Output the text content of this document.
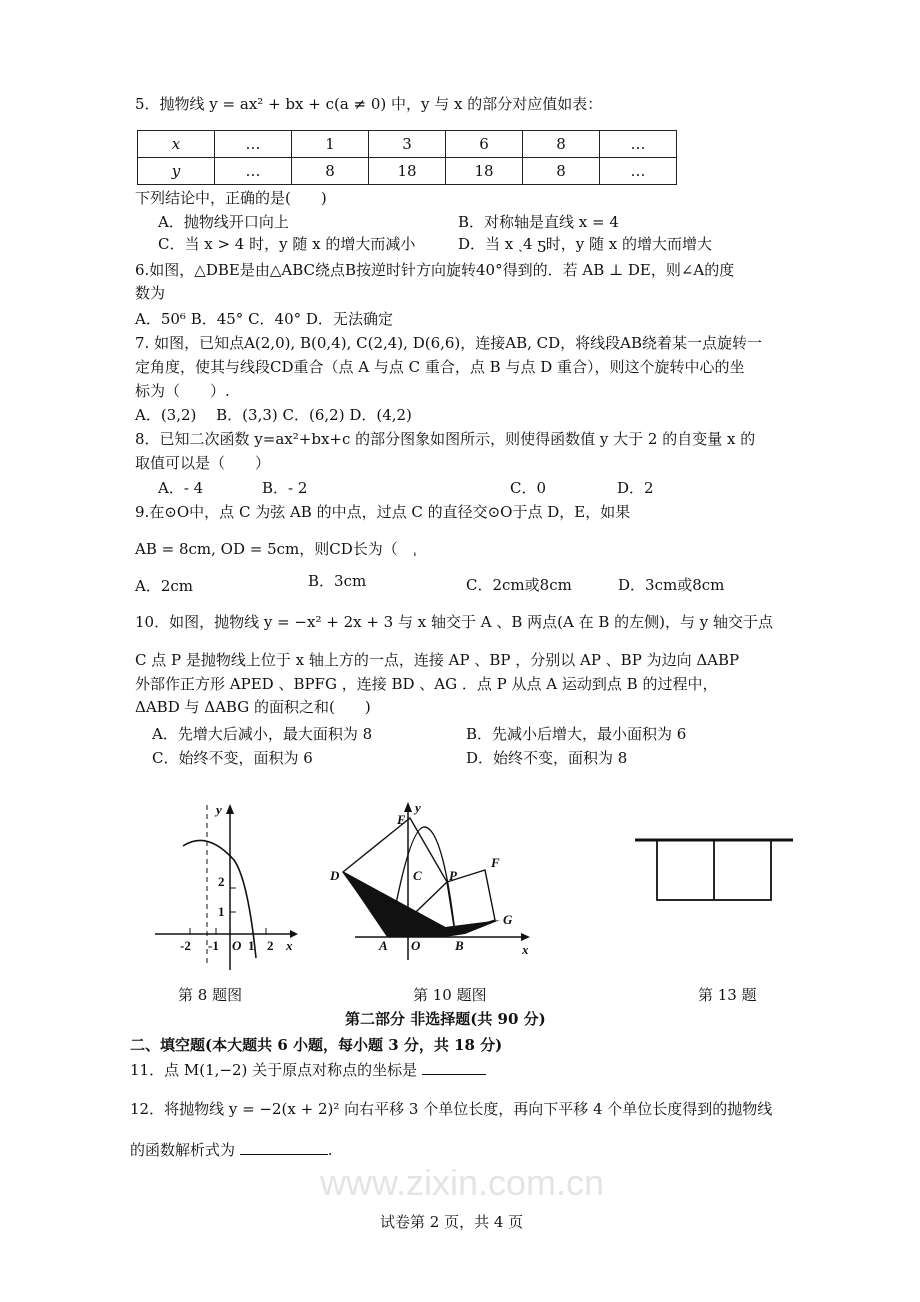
5．抛物线 y = ax² + bx + c(a ≠ 0) 中，y 与 x 的部分对应值如表：
x	…	1	3	6	8	…
y	…	8	18	18	8	…
下列结论中，正确的是(　　)
A．抛物线开口向上	B．对称轴是直线 x = 4
C．当 x > 4 时，y 随 x 的增大而减小	D．当 x ˎ4 ƽ时，y 随 x 的增大而增大
6.如图，△DBE是由△ABC绕点B按逆时针方向旋转40°得到的．若 AB ⊥ DE，则∠A的度
数为
A．50⁶ B．45° C．40° D．无法确定
7. 如图，已知点A(2,0), B(0,4), C(2,4), D(6,6)，连接AB, CD，将线段AB绕着某一点旋转一
定角度，使其与线段CD重合（点 A 与点 C 重合，点 B 与点 D 重合），则这个旋转中心的坐
标为（　　）.
A．(3,2)　 B．(3,3) C．(6,2) D．(4,2)
8．已知二次函数 y=ax²+bx+c 的部分图象如图所示，则使得函数值 y 大于 2 的自变量 x 的
取值可以是（　　）
A．- 4	B．- 2	C．0	D．2
9.在⊙O中，点 C 为弦 AB 的中点，过点 C 的直径交⊙O于点 D，E，如果
AB = 8cm, OD = 5cm，则CD长为（　ˌ
A．2cm	B．3cm	C．2cm或8cm	D．3cm或8cm
10．如图，抛物线 y = −x² + 2x + 3 与 x 轴交于 A 、B 两点(A 在 B 的左侧)，与 y 轴交于点
C 点 P 是抛物线上位于 x 轴上方的一点，连接 AP 、BP ，分别以 AP 、BP 为边向 ΔABP
外部作正方形 APED 、BPFG ，连接 BD 、AG ．点 P 从点 A 运动到点 B 的过程中，
ΔABD 与 ΔABG 的面积之和(　　)
A．先增大后减小，最大面积为 8	B．先减小后增大，最小面积为 6
C．始终不变，面积为 6	D．始终不变，面积为 8
y
x
O
2
1
-2 -1 1 2
E
D	C P
F
G
A O	B
y
x
第 8 题图	第 10 题图	第 13 题
第二部分 非选择题(共 90 分)
二、填空题(本大题共 6 小题，每小题 3 分，共 18 分)
11．点 M(1,−2) 关于原点对称点的坐标是
12．将抛物线 y = −2(x + 2)² 向右平移 3 个单位长度，再向下平移 4 个单位长度得到的抛物线
的函数解析式为	.
www.zixin.com.cn
试卷第 2 页，共 4 页
